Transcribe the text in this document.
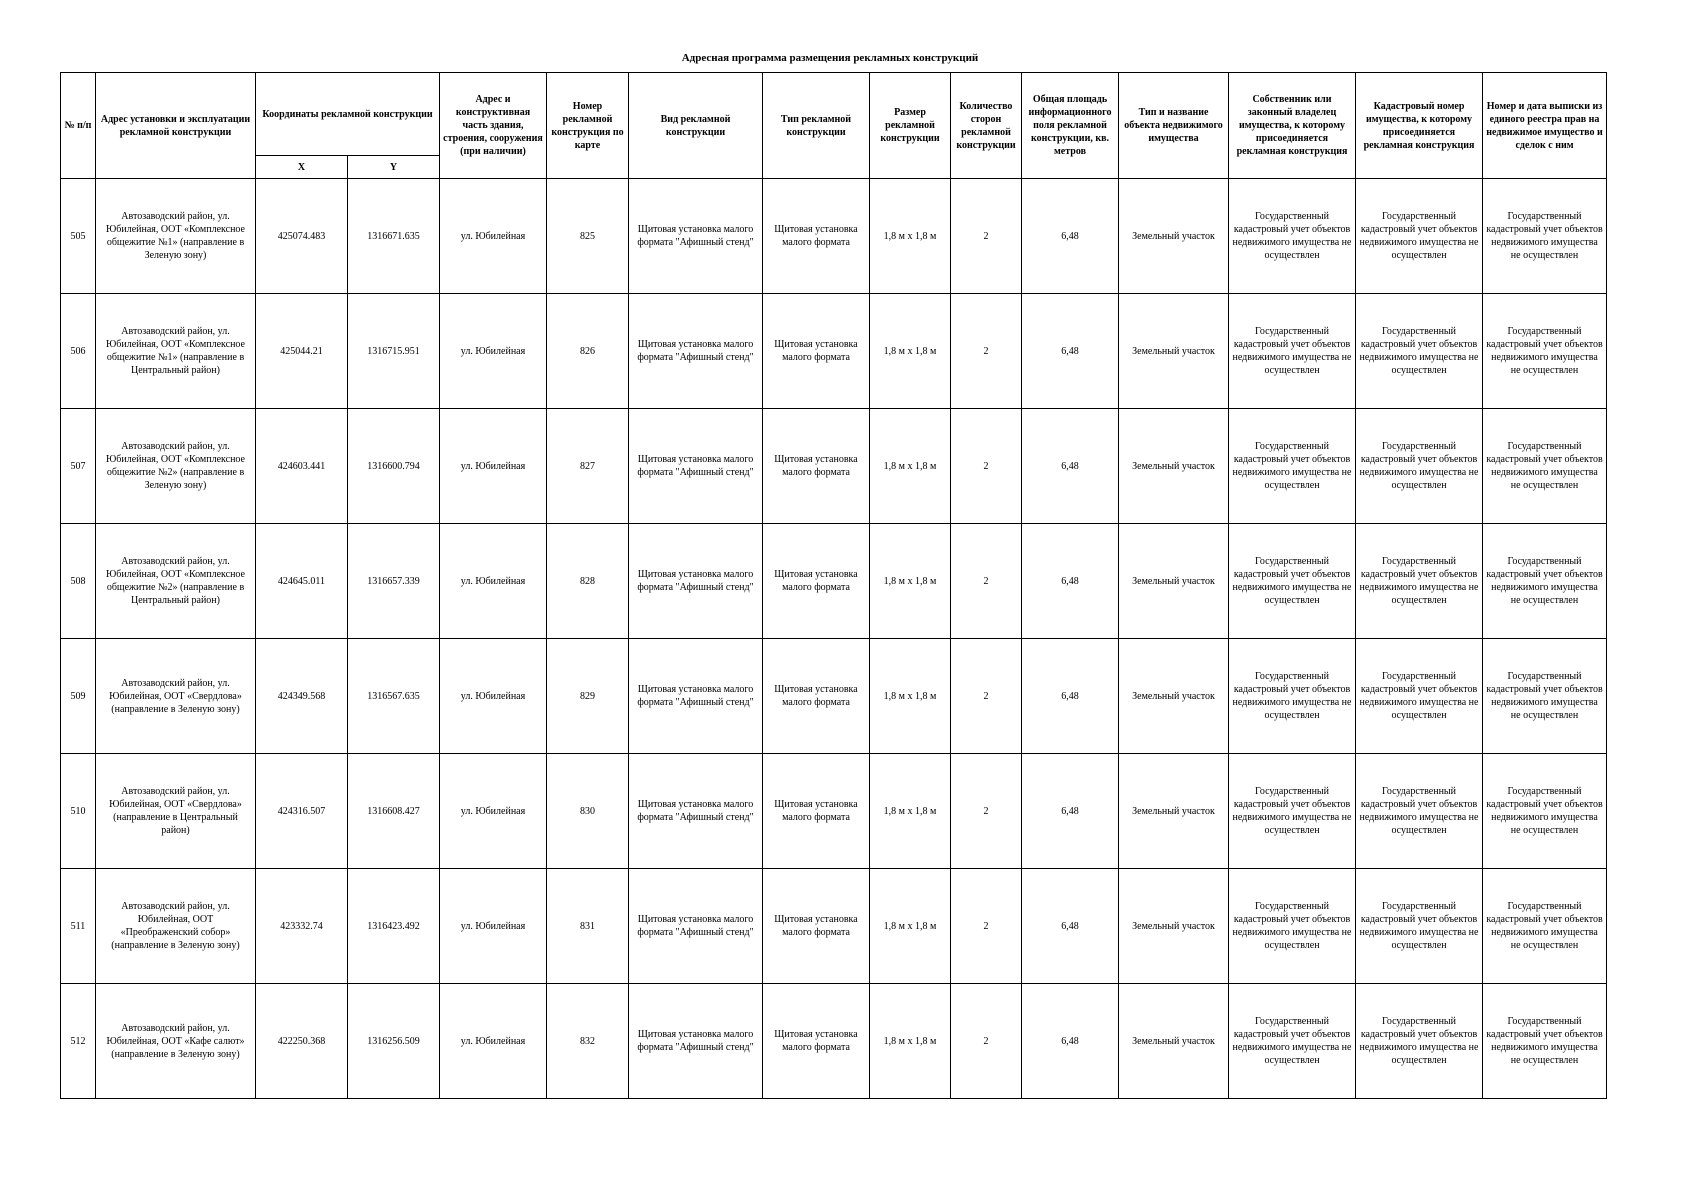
Адресная программа размещения рекламных конструкций
№ п/п	Адрес установки и эксплуатации рекламной конструкции	Координаты рекламной конструкции		Адрес и конструктивная часть здания, строения, сооружения (при наличии)	Номер рекламной конструкция по карте	Вид рекламной конструкции	Тип рекламной конструкции	Размер рекламной конструкции	Количество сторон рекламной конструкции	Общая площадь информационного поля рекламной конструкции, кв. метров	Тип и название объекта недвижимого имущества	Собственник или законный владелец имущества, к которому присоединяется рекламная конструкция	Кадастровый номер имущества, к которому присоединяется рекламная конструкция	Номер и дата выписки из единого реестра прав на недвижимое имущество и сделок с ним
		X	Y											
505	Автозаводский район, ул. Юбилейная, ООТ «Комплексное общежитие №1» (направление в Зеленую зону)	425074.483	1316671.635	ул. Юбилейная	825	Щитовая установка малого формата "Афишный стенд"	Щитовая установка малого формата	1,8 м х 1,8 м	2	6,48	Земельный участок	Государственный кадастровый учет объектов недвижимого имущества не осуществлен	Государственный кадастровый учет объектов недвижимого имущества не осуществлен	Государственный кадастровый учет объектов недвижимого имущества не осуществлен
506	Автозаводский район, ул. Юбилейная, ООТ «Комплексное общежитие №1» (направление в Центральный район)	425044.21	1316715.951	ул. Юбилейная	826	Щитовая установка малого формата "Афишный стенд"	Щитовая установка малого формата	1,8 м х 1,8 м	2	6,48	Земельный участок	Государственный кадастровый учет объектов недвижимого имущества не осуществлен	Государственный кадастровый учет объектов недвижимого имущества не осуществлен	Государственный кадастровый учет объектов недвижимого имущества не осуществлен
507	Автозаводский район, ул. Юбилейная, ООТ «Комплексное общежитие №2» (направление в Зеленую зону)	424603.441	1316600.794	ул. Юбилейная	827	Щитовая установка малого формата "Афишный стенд"	Щитовая установка малого формата	1,8 м х 1,8 м	2	6,48	Земельный участок	Государственный кадастровый учет объектов недвижимого имущества не осуществлен	Государственный кадастровый учет объектов недвижимого имущества не осуществлен	Государственный кадастровый учет объектов недвижимого имущества не осуществлен
508	Автозаводский район, ул. Юбилейная, ООТ «Комплексное общежитие №2» (направление в Центральный район)	424645.011	1316657.339	ул. Юбилейная	828	Щитовая установка малого формата "Афишный стенд"	Щитовая установка малого формата	1,8 м х 1,8 м	2	6,48	Земельный участок	Государственный кадастровый учет объектов недвижимого имущества не осуществлен	Государственный кадастровый учет объектов недвижимого имущества не осуществлен	Государственный кадастровый учет объектов недвижимого имущества не осуществлен
509	Автозаводский район, ул. Юбилейная, ООТ «Свердлова» (направление в Зеленую зону)	424349.568	1316567.635	ул. Юбилейная	829	Щитовая установка малого формата "Афишный стенд"	Щитовая установка малого формата	1,8 м х 1,8 м	2	6,48	Земельный участок	Государственный кадастровый учет объектов недвижимого имущества не осуществлен	Государственный кадастровый учет объектов недвижимого имущества не осуществлен	Государственный кадастровый учет объектов недвижимого имущества не осуществлен
510	Автозаводский район, ул. Юбилейная, ООТ «Свердлова» (направление в Центральный район)	424316.507	1316608.427	ул. Юбилейная	830	Щитовая установка малого формата "Афишный стенд"	Щитовая установка малого формата	1,8 м х 1,8 м	2	6,48	Земельный участок	Государственный кадастровый учет объектов недвижимого имущества не осуществлен	Государственный кадастровый учет объектов недвижимого имущества не осуществлен	Государственный кадастровый учет объектов недвижимого имущества не осуществлен
511	Автозаводский район, ул. Юбилейная, ООТ «Преображенский собор» (направление в Зеленую зону)	423332.74	1316423.492	ул. Юбилейная	831	Щитовая установка малого формата "Афишный стенд"	Щитовая установка малого формата	1,8 м х 1,8 м	2	6,48	Земельный участок	Государственный кадастровый учет объектов недвижимого имущества не осуществлен	Государственный кадастровый учет объектов недвижимого имущества не осуществлен	Государственный кадастровый учет объектов недвижимого имущества не осуществлен
512	Автозаводский район, ул. Юбилейная, ООТ «Кафе салют» (направление в Зеленую зону)	422250.368	1316256.509	ул. Юбилейная	832	Щитовая установка малого формата "Афишный стенд"	Щитовая установка малого формата	1,8 м х 1,8 м	2	6,48	Земельный участок	Государственный кадастровый учет объектов недвижимого имущества не осуществлен	Государственный кадастровый учет объектов недвижимого имущества не осуществлен	Государственный кадастровый учет объектов недвижимого имущества не осуществлен
